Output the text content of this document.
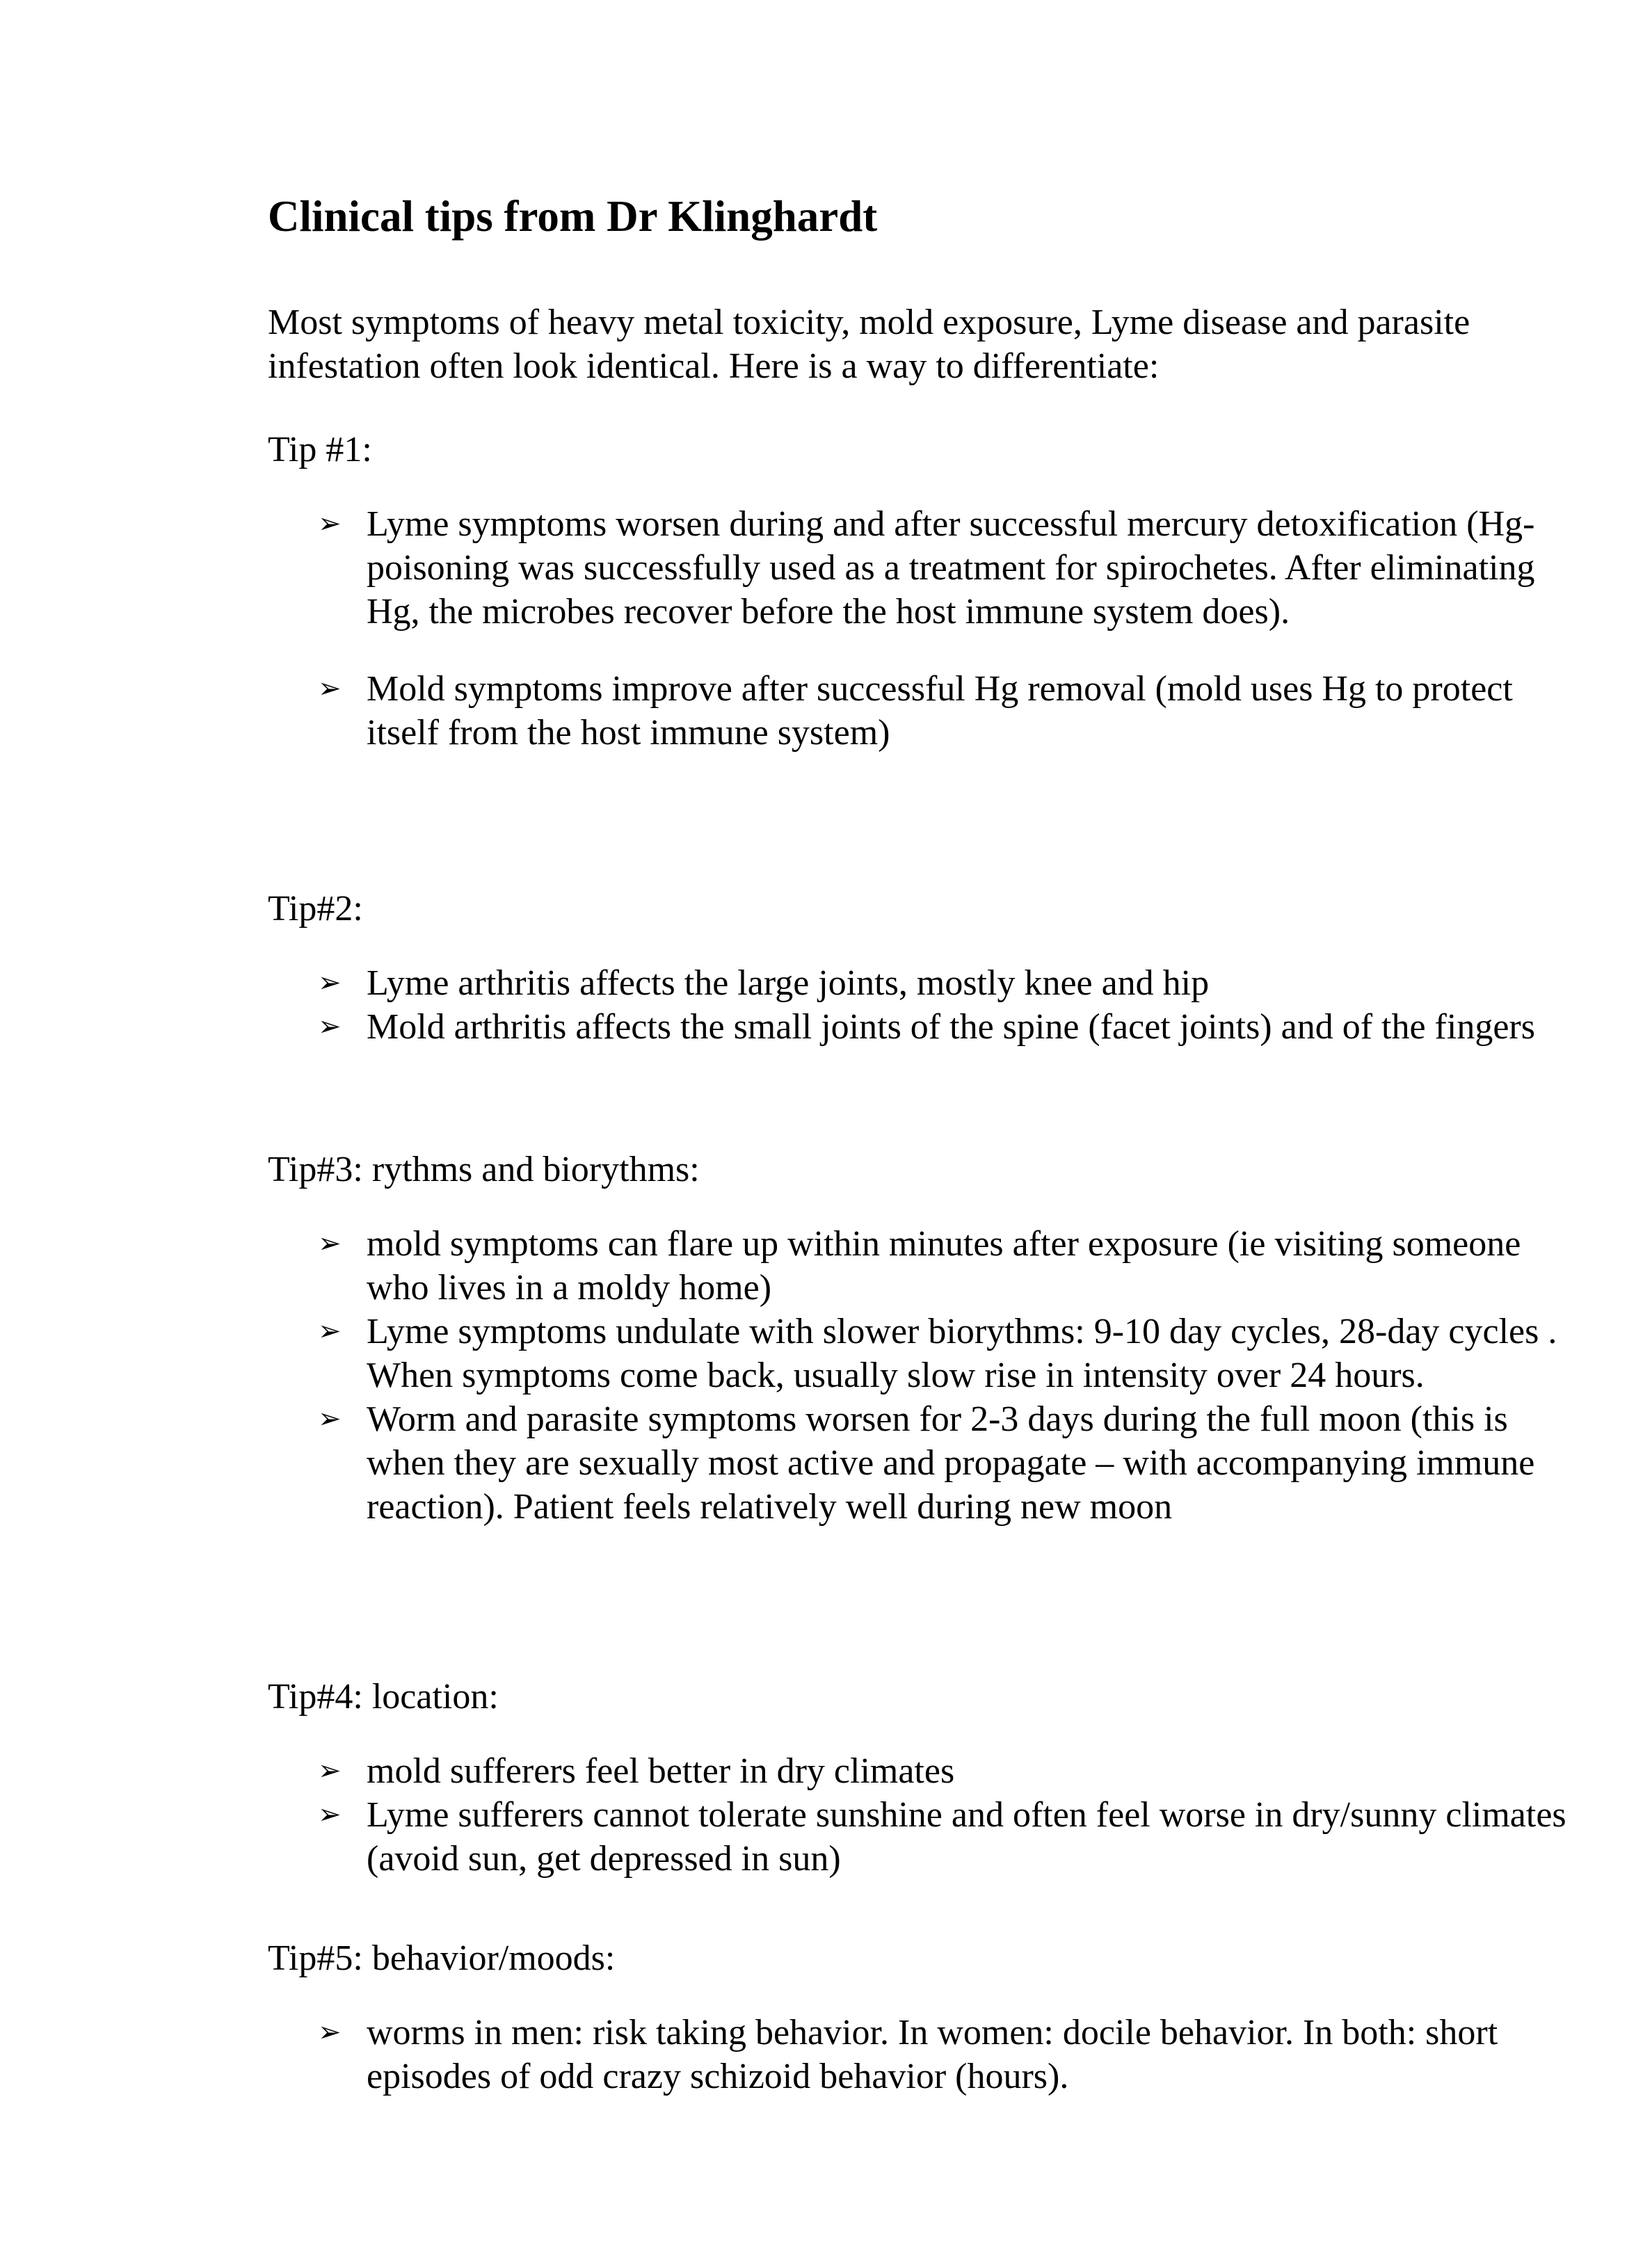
Clinical tips from Dr Klinghardt

Most symptoms of heavy metal toxicity, mold exposure, Lyme disease and parasite infestation often look identical. Here is a way to differentiate:

Tip #1:

➢ Lyme symptoms worsen during and after successful mercury detoxification (Hg-poisoning was successfully used as a treatment for spirochetes. After eliminating Hg, the microbes recover before the host immune system does).
➢ Mold symptoms improve after successful Hg removal (mold uses Hg to protect itself from the host immune system)

Tip#2:

➢ Lyme arthritis affects the large joints, mostly knee and hip
➢ Mold arthritis affects the small joints of the spine (facet joints) and of the fingers

Tip#3: rythms and biorythms:

➢ mold symptoms can flare up within minutes after exposure (ie visiting someone who lives in a moldy home)
➢ Lyme symptoms undulate with slower biorythms: 9-10 day cycles, 28-day cycles . When symptoms come back, usually slow rise in intensity over 24 hours.
➢ Worm and parasite symptoms worsen for 2-3 days during the full moon (this is when they are sexually most active and propagate – with accompanying immune reaction). Patient feels relatively well during new moon

Tip#4: location:

➢ mold sufferers feel better in dry climates
➢ Lyme sufferers cannot tolerate sunshine and often feel worse in dry/sunny climates (avoid sun, get depressed in sun)

Tip#5: behavior/moods:

➢ worms in men: risk taking behavior. In women: docile behavior. In both: short episodes of odd crazy schizoid behavior (hours).
